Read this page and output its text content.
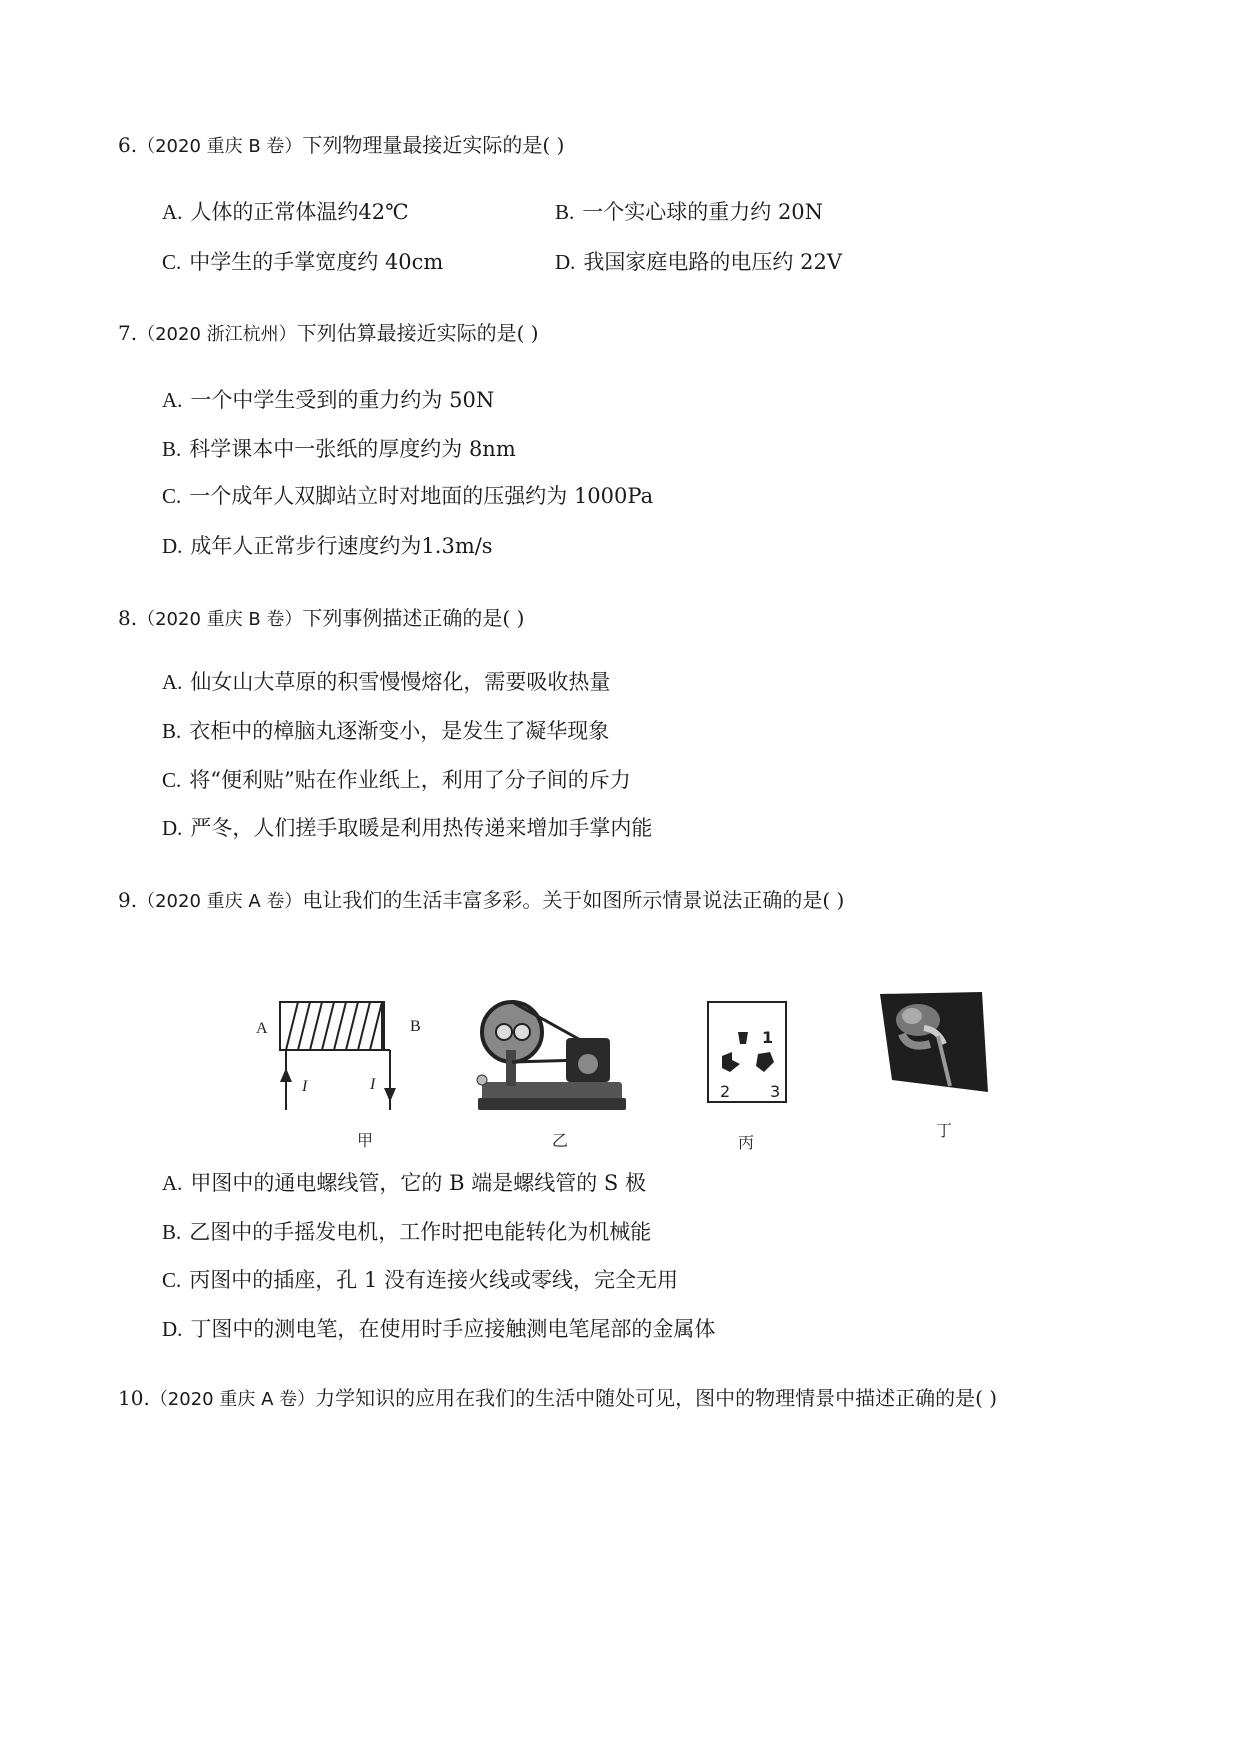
6.（2020 重庆 B 卷）下列物理量最接近实际的是( )
A. 人体的正常体温约42℃	B. 一个实心球的重力约 20N
C. 中学生的手掌宽度约 40cm	D. 我国家庭电路的电压约 22V
7.（2020 浙江杭州）下列估算最接近实际的是( )
A. 一个中学生受到的重力约为 50N
B. 科学课本中一张纸的厚度约为 8nm
C. 一个成年人双脚站立时对地面的压强约为 1000Pa
D. 成年人正常步行速度约为1.3m/s
8.（2020 重庆 B 卷）下列事例描述正确的是( )
A. 仙女山大草原的积雪慢慢熔化，需要吸收热量
B. 衣柜中的樟脑丸逐渐变小，是发生了凝华现象
C. 将“便利贴”贴在作业纸上，利用了分子间的斥力
D. 严冬，人们搓手取暖是利用热传递来增加手掌内能
9.（2020 重庆 A 卷）电让我们的生活丰富多彩。关于如图所示情景说法正确的是( )
A	B
I	I
甲	乙
1
2 3
丙
丁
A. 甲图中的通电螺线管，它的 B 端是螺线管的 S 极
B. 乙图中的手摇发电机，工作时把电能转化为机械能
C. 丙图中的插座，孔 1 没有连接火线或零线，完全无用
D. 丁图中的测电笔，在使用时手应接触测电笔尾部的金属体
10.（2020 重庆 A 卷）力学知识的应用在我们的生活中随处可见，图中的物理情景中描述正确的是( )
